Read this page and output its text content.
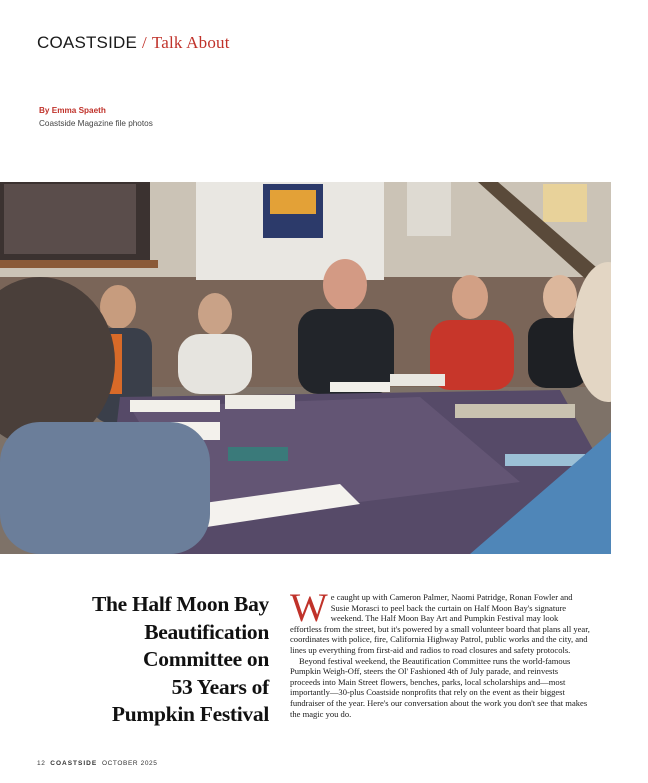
COASTSIDE / Talk About
By Emma Spaeth
Coastside Magazine file photos
The Half Moon Bay
Beautification
Committee on
53 Years of
Pumpkin Festival

We caught up with Cameron Palmer, Naomi Patridge, Ronan Fowler and Susie Morasci to peel back the curtain on Half Moon Bay's signature weekend. The Half Moon Bay Art and Pumpkin Festival may look effortless from the street, but it's powered by a small volunteer board that plans all year, coordinates with police, fire, California Highway Patrol, public works and the city, and lines up everything from first-aid and radios to road closures and safety protocols.

Beyond festival weekend, the Beautification Committee runs the world-famous Pumpkin Weigh-Off, steers the Ol' Fashioned 4th of July parade, and reinvests proceeds into Main Street flowers, benches, parks, local scholarships and—most importantly—30-plus Coastside nonprofits that rely on the event as their biggest fundraiser of the year. Here's our conversation about the work you don't see that makes the magic you do.

12 COASTSIDE OCTOBER 2025
